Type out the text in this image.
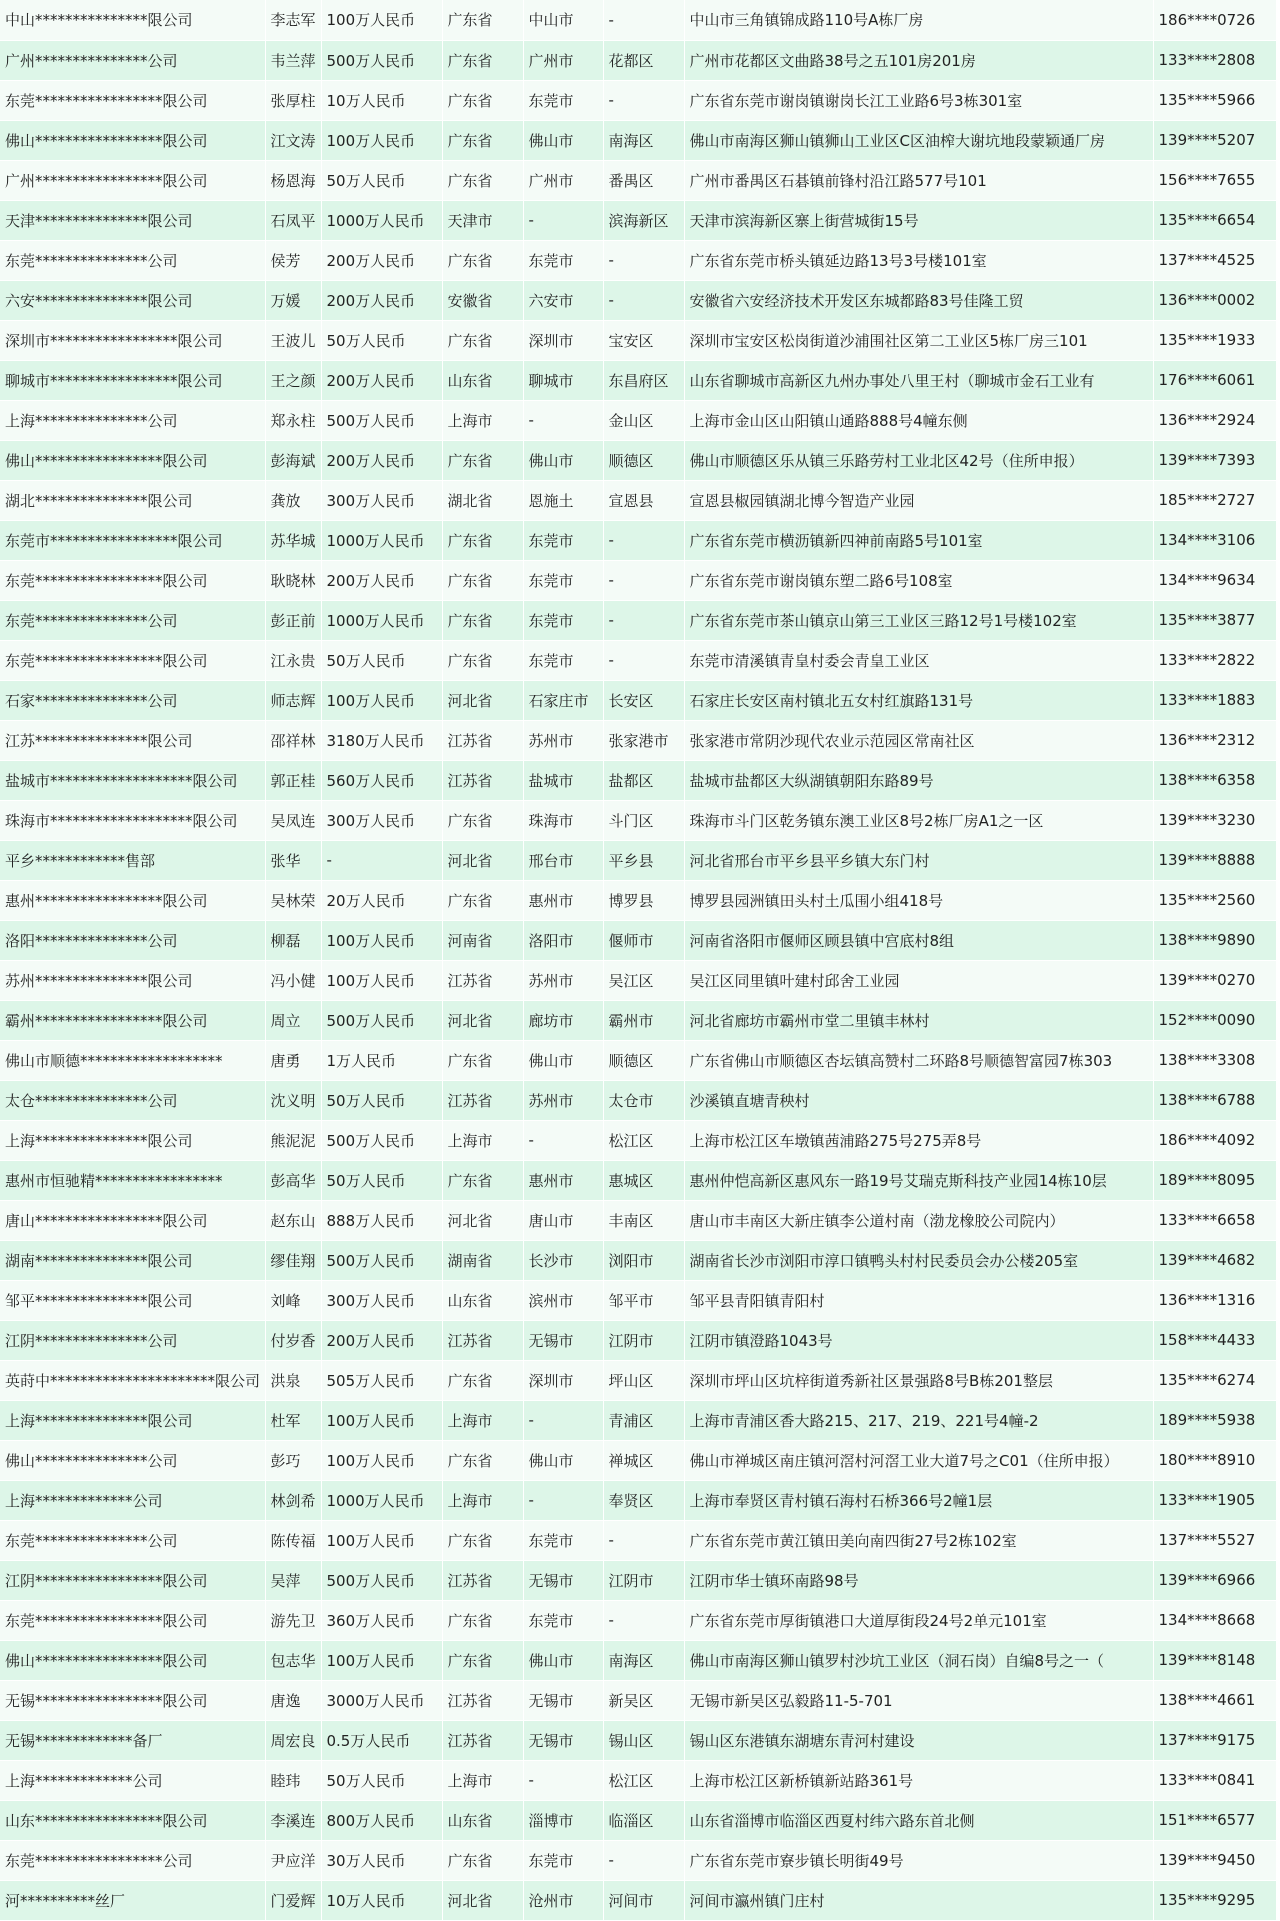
中山***************限公司	李志军	100万人民币	广东省	中山市	-	中山市三角镇锦成路110号A栋厂房	186****0726
广州***************公司	韦兰萍	500万人民币	广东省	广州市	花都区	广州市花都区文曲路38号之五101房201房	133****2808
东莞*****************限公司	张厚柱	10万人民币	广东省	东莞市	-	广东省东莞市谢岗镇谢岗长江工业路6号3栋301室	135****5966
佛山*****************限公司	江文涛	100万人民币	广东省	佛山市	南海区	佛山市南海区狮山镇狮山工业区C区油榨大谢坑地段蒙颖通厂房	139****5207
广州*****************限公司	杨恩海	50万人民币	广东省	广州市	番禺区	广州市番禺区石碁镇前锋村沿江路577号101	156****7655
天津***************限公司	石凤平	1000万人民币	天津市	-	滨海新区	天津市滨海新区寨上街营城街15号	135****6654
东莞***************公司	侯芳	200万人民币	广东省	东莞市	-	广东省东莞市桥头镇延边路13号3号楼101室	137****4525
六安***************限公司	万媛	200万人民币	安徽省	六安市	-	安徽省六安经济技术开发区东城都路83号佳隆工贸	136****0002
深圳市*****************限公司	王波儿	50万人民币	广东省	深圳市	宝安区	深圳市宝安区松岗街道沙浦围社区第二工业区5栋厂房三101	135****1933
聊城市*****************限公司	王之颜	200万人民币	山东省	聊城市	东昌府区	山东省聊城市高新区九州办事处八里王村（聊城市金石工业有	176****6061
上海***************公司	郑永柱	500万人民币	上海市	-	金山区	上海市金山区山阳镇山通路888号4幢东侧	136****2924
佛山*****************限公司	彭海斌	200万人民币	广东省	佛山市	顺德区	佛山市顺德区乐从镇三乐路劳村工业北区42号（住所申报）	139****7393
湖北***************限公司	龚放	300万人民币	湖北省	恩施土	宣恩县	宣恩县椒园镇湖北博今智造产业园	185****2727
东莞市*****************限公司	苏华城	1000万人民币	广东省	东莞市	-	广东省东莞市横沥镇新四神前南路5号101室	134****3106
东莞*****************限公司	耿晓林	200万人民币	广东省	东莞市	-	广东省东莞市谢岗镇东塑二路6号108室	134****9634
东莞***************公司	彭正前	1000万人民币	广东省	东莞市	-	广东省东莞市茶山镇京山第三工业区三路12号1号楼102室	135****3877
东莞*****************限公司	江永贵	50万人民币	广东省	东莞市	-	东莞市清溪镇青皇村委会青皇工业区	133****2822
石家***************公司	师志辉	100万人民币	河北省	石家庄市	长安区	石家庄长安区南村镇北五女村红旗路131号	133****1883
江苏***************限公司	邵祥林	3180万人民币	江苏省	苏州市	张家港市	张家港市常阴沙现代农业示范园区常南社区	136****2312
盐城市*******************限公司	郭正桂	560万人民币	江苏省	盐城市	盐都区	盐城市盐都区大纵湖镇朝阳东路89号	138****6358
珠海市*******************限公司	吴凤连	300万人民币	广东省	珠海市	斗门区	珠海市斗门区乾务镇东澳工业区8号2栋厂房A1之一区	139****3230
平乡************售部	张华	-	河北省	邢台市	平乡县	河北省邢台市平乡县平乡镇大东门村	139****8888
惠州*****************限公司	吴林荣	20万人民币	广东省	惠州市	博罗县	博罗县园洲镇田头村土瓜围小组418号	135****2560
洛阳***************公司	柳磊	100万人民币	河南省	洛阳市	偃师市	河南省洛阳市偃师区顾县镇中宫底村8组	138****9890
苏州***************限公司	冯小健	100万人民币	江苏省	苏州市	吴江区	吴江区同里镇叶建村邱舍工业园	139****0270
霸州*****************限公司	周立	500万人民币	河北省	廊坊市	霸州市	河北省廊坊市霸州市堂二里镇丰林村	152****0090
佛山市顺德*******************	唐勇	1万人民币	广东省	佛山市	顺德区	广东省佛山市顺德区杏坛镇高赞村二环路8号顺德智富园7栋303	138****3308
太仓***************公司	沈义明	50万人民币	江苏省	苏州市	太仓市	沙溪镇直塘青秧村	138****6788
上海***************限公司	熊泥泥	500万人民币	上海市	-	松江区	上海市松江区车墩镇茜浦路275号275弄8号	186****4092
惠州市恒驰精*****************	彭高华	50万人民币	广东省	惠州市	惠城区	惠州仲恺高新区惠风东一路19号艾瑞克斯科技产业园14栋10层	189****8095
唐山*****************限公司	赵东山	888万人民币	河北省	唐山市	丰南区	唐山市丰南区大新庄镇李公道村南（渤龙橡胶公司院内）	133****6658
湖南***************限公司	缪佳翔	500万人民币	湖南省	长沙市	浏阳市	湖南省长沙市浏阳市淳口镇鸭头村村民委员会办公楼205室	139****4682
邹平***************限公司	刘峰	300万人民币	山东省	滨州市	邹平市	邹平县青阳镇青阳村	136****1316
江阴***************公司	付岁香	200万人民币	江苏省	无锡市	江阴市	江阴市镇澄路1043号	158****4433
英莳中**********************限公司	洪泉	505万人民币	广东省	深圳市	坪山区	深圳市坪山区坑梓街道秀新社区景强路8号B栋201整层	135****6274
上海***************限公司	杜军	100万人民币	上海市	-	青浦区	上海市青浦区香大路215、217、219、221号4幢-2	189****5938
佛山***************公司	彭巧	100万人民币	广东省	佛山市	禅城区	佛山市禅城区南庄镇河滘村河滘工业大道7号之C01（住所申报）	180****8910
上海*************公司	林剑希	1000万人民币	上海市	-	奉贤区	上海市奉贤区青村镇石海村石桥366号2幢1层	133****1905
东莞***************公司	陈传福	100万人民币	广东省	东莞市	-	广东省东莞市黄江镇田美向南四街27号2栋102室	137****5527
江阴*****************限公司	吴萍	500万人民币	江苏省	无锡市	江阴市	江阴市华士镇环南路98号	139****6966
东莞*****************限公司	游先卫	360万人民币	广东省	东莞市	-	广东省东莞市厚街镇港口大道厚街段24号2单元101室	134****8668
佛山*****************限公司	包志华	100万人民币	广东省	佛山市	南海区	佛山市南海区狮山镇罗村沙坑工业区（洞石岗）自编8号之一（	139****8148
无锡*****************限公司	唐逸	3000万人民币	江苏省	无锡市	新吴区	无锡市新吴区弘毅路11-5-701	138****4661
无锡*************备厂	周宏良	0.5万人民币	江苏省	无锡市	锡山区	锡山区东港镇东湖塘东青河村建设	137****9175
上海*************公司	睦玮	50万人民币	上海市	-	松江区	上海市松江区新桥镇新站路361号	133****0841
山东*****************限公司	李溪连	800万人民币	山东省	淄博市	临淄区	山东省淄博市临淄区西夏村纬六路东首北侧	151****6577
东莞*****************公司	尹应洋	30万人民币	广东省	东莞市	-	广东省东莞市寮步镇长明街49号	139****9450
河**********丝厂	门爱辉	10万人民币	河北省	沧州市	河间市	河间市瀛州镇门庄村	135****9295
